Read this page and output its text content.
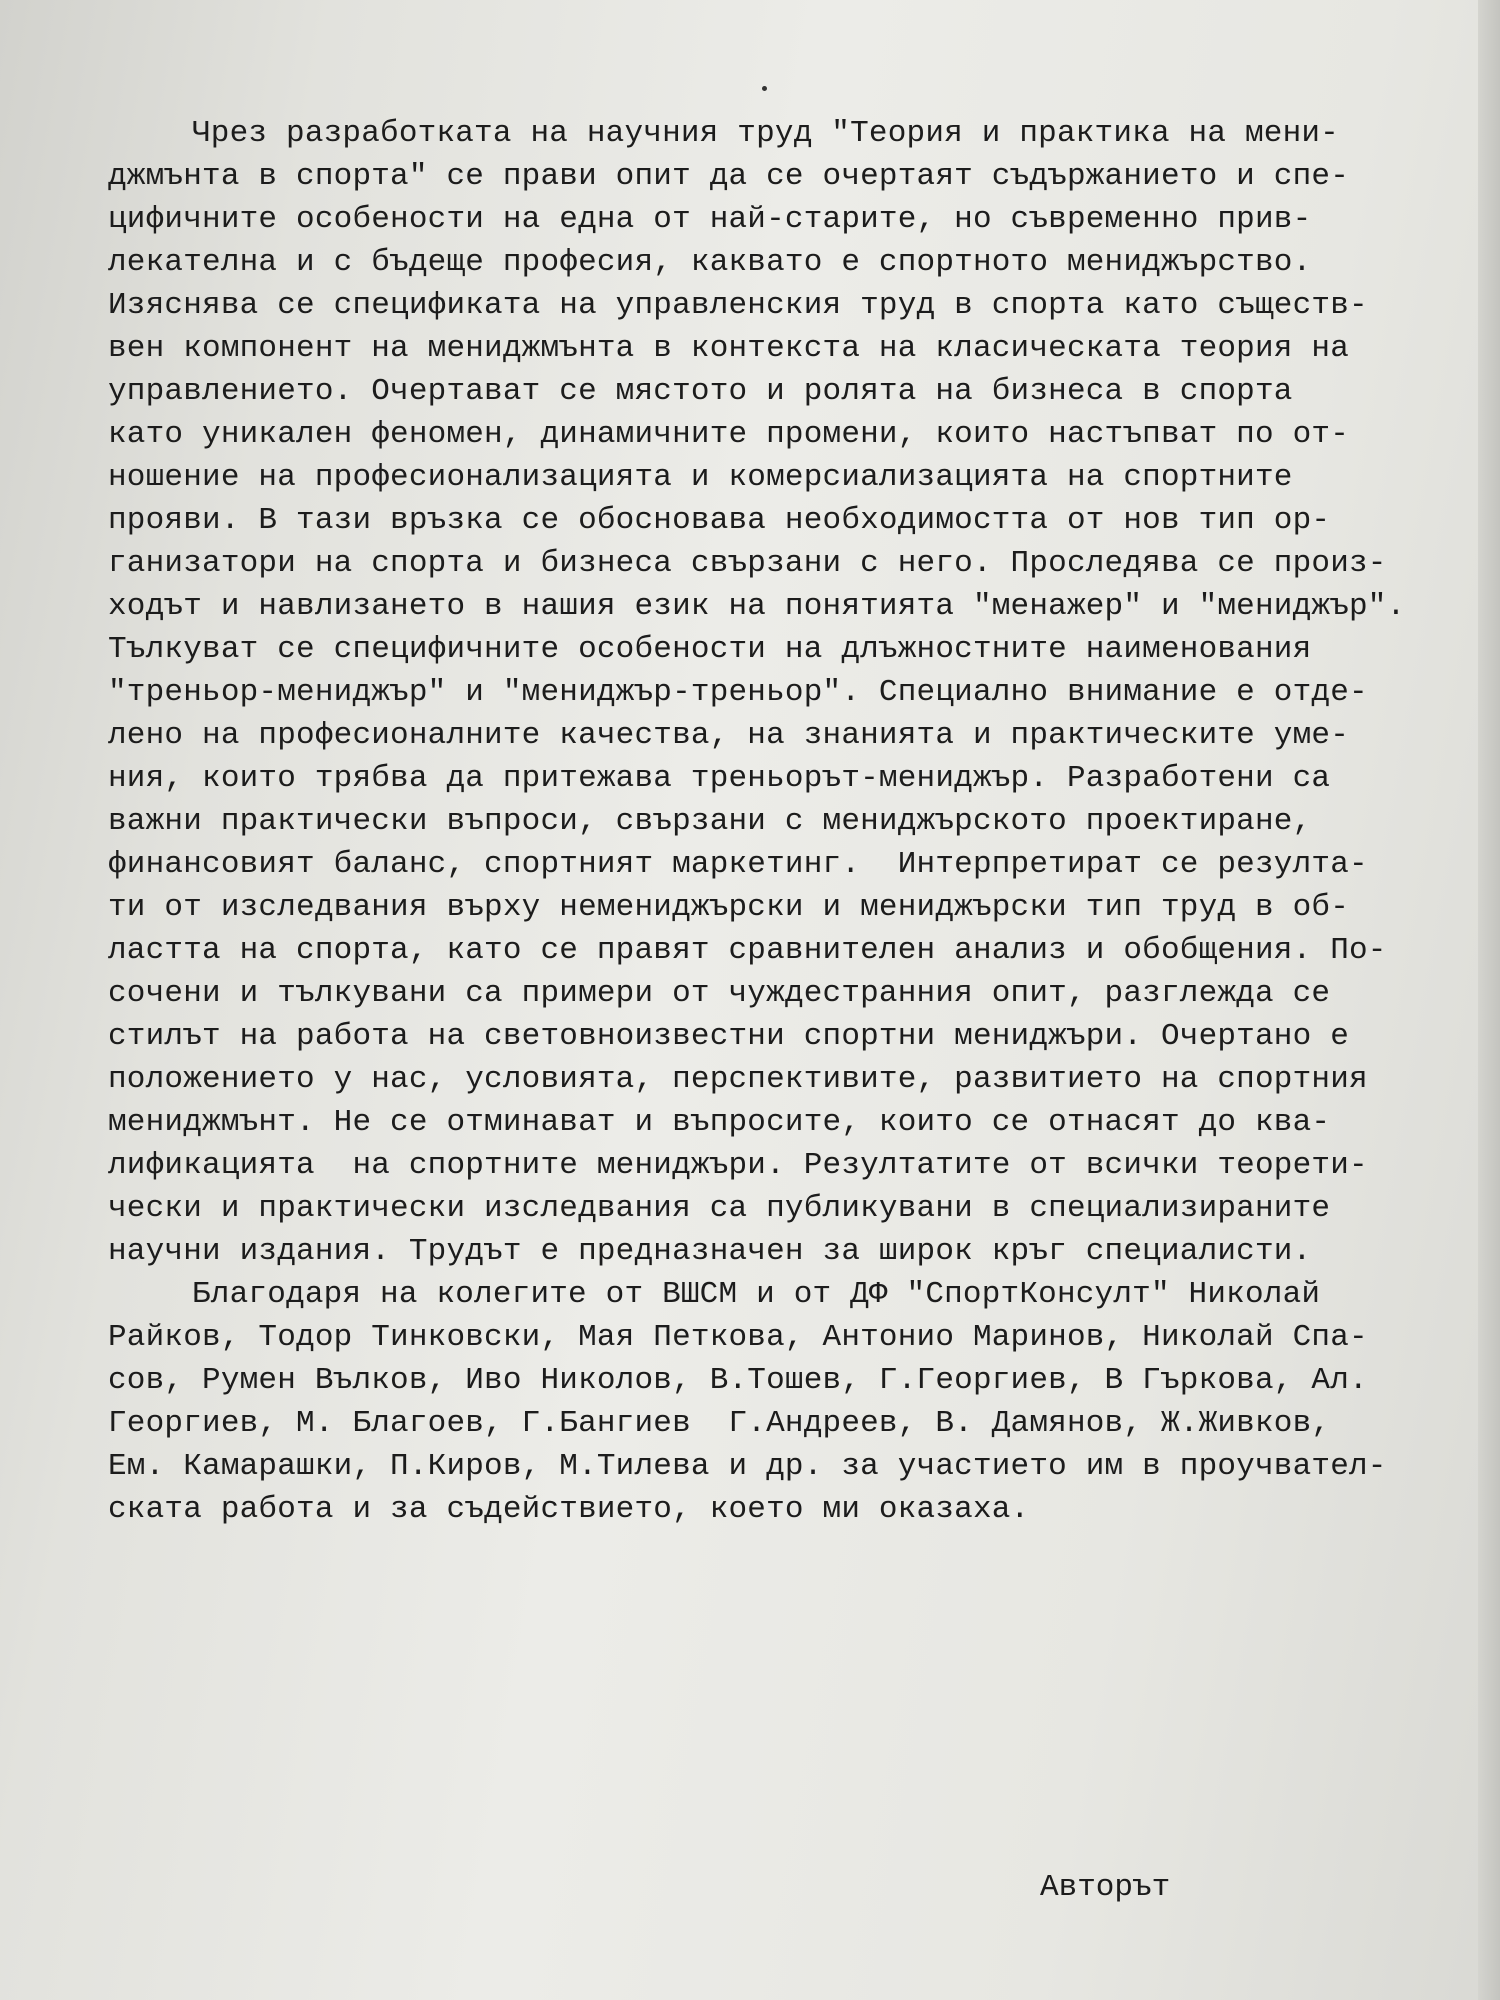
Чрез разработката на научния труд "Теория и практика на мени-
джмънта в спорта" се прави опит да се очертаят съдържанието и спе-
цифичните особености на една от най-старите, но съвременно прив-
лекателна и с бъдеще професия, каквато е спортното мениджърство.
Изяснява се спецификата на управленския труд в спорта като съществ-
вен компонент на мениджмънта в контекста на класическата теория на
управлението. Очертават се мястото и ролята на бизнеса в спорта
като уникален феномен, динамичните промени, които настъпват по от-
ношение на професионализацията и комерсиализацията на спортните
прояви. В тази връзка се обосновава необходимостта от нов тип ор-
ганизатори на спорта и бизнеса свързани с него. Проследява се произ-
ходът и навлизането в нашия език на понятията "менажер" и "мениджър".
Тълкуват се специфичните особености на длъжностните наименования
"треньор-мениджър" и "мениджър-треньор". Специално внимание е отде-
лено на професионалните качества, на знанията и практическите уме-
ния, които трябва да притежава треньорът-мениджър. Разработени са
важни практически въпроси, свързани с мениджърското проектиране,
финансовият баланс, спортният маркетинг.  Интерпретират се резулта-
ти от изследвания върху немениджърски и мениджърски тип труд в об-
ластта на спорта, като се правят сравнителен анализ и обобщения. По-
сочени и тълкувани са примери от чуждестранния опит, разглежда се
стилът на работа на световноизвестни спортни мениджъри. Очертано е
положението у нас, условията, перспективите, развитието на спортния
мениджмънт. Не се отминават и въпросите, които се отнасят до ква-
лификацията  на спортните мениджъри. Резултатите от всички теорети-
чески и практически изследвания са публикувани в специализираните
научни издания. Трудът е предназначен за широк кръг специалисти.
Благодаря на колегите от ВШСМ и от ДФ "СпортКонсулт" Николай
Райков, Тодор Тинковски, Мая Петкова, Антонио Маринов, Николай Спа-
сов, Румен Вълков, Иво Николов, В.Тошев, Г.Георгиев, В Гъркова, Ал.
Георгиев, М. Благоев, Г.Бангиев  Г.Андреев, В. Дамянов, Ж.Живков,
Ем. Камарашки, П.Киров, М.Тилева и др. за участието им в проучвател-
ската работа и за съдействието, което ми оказаха.
Авторът
